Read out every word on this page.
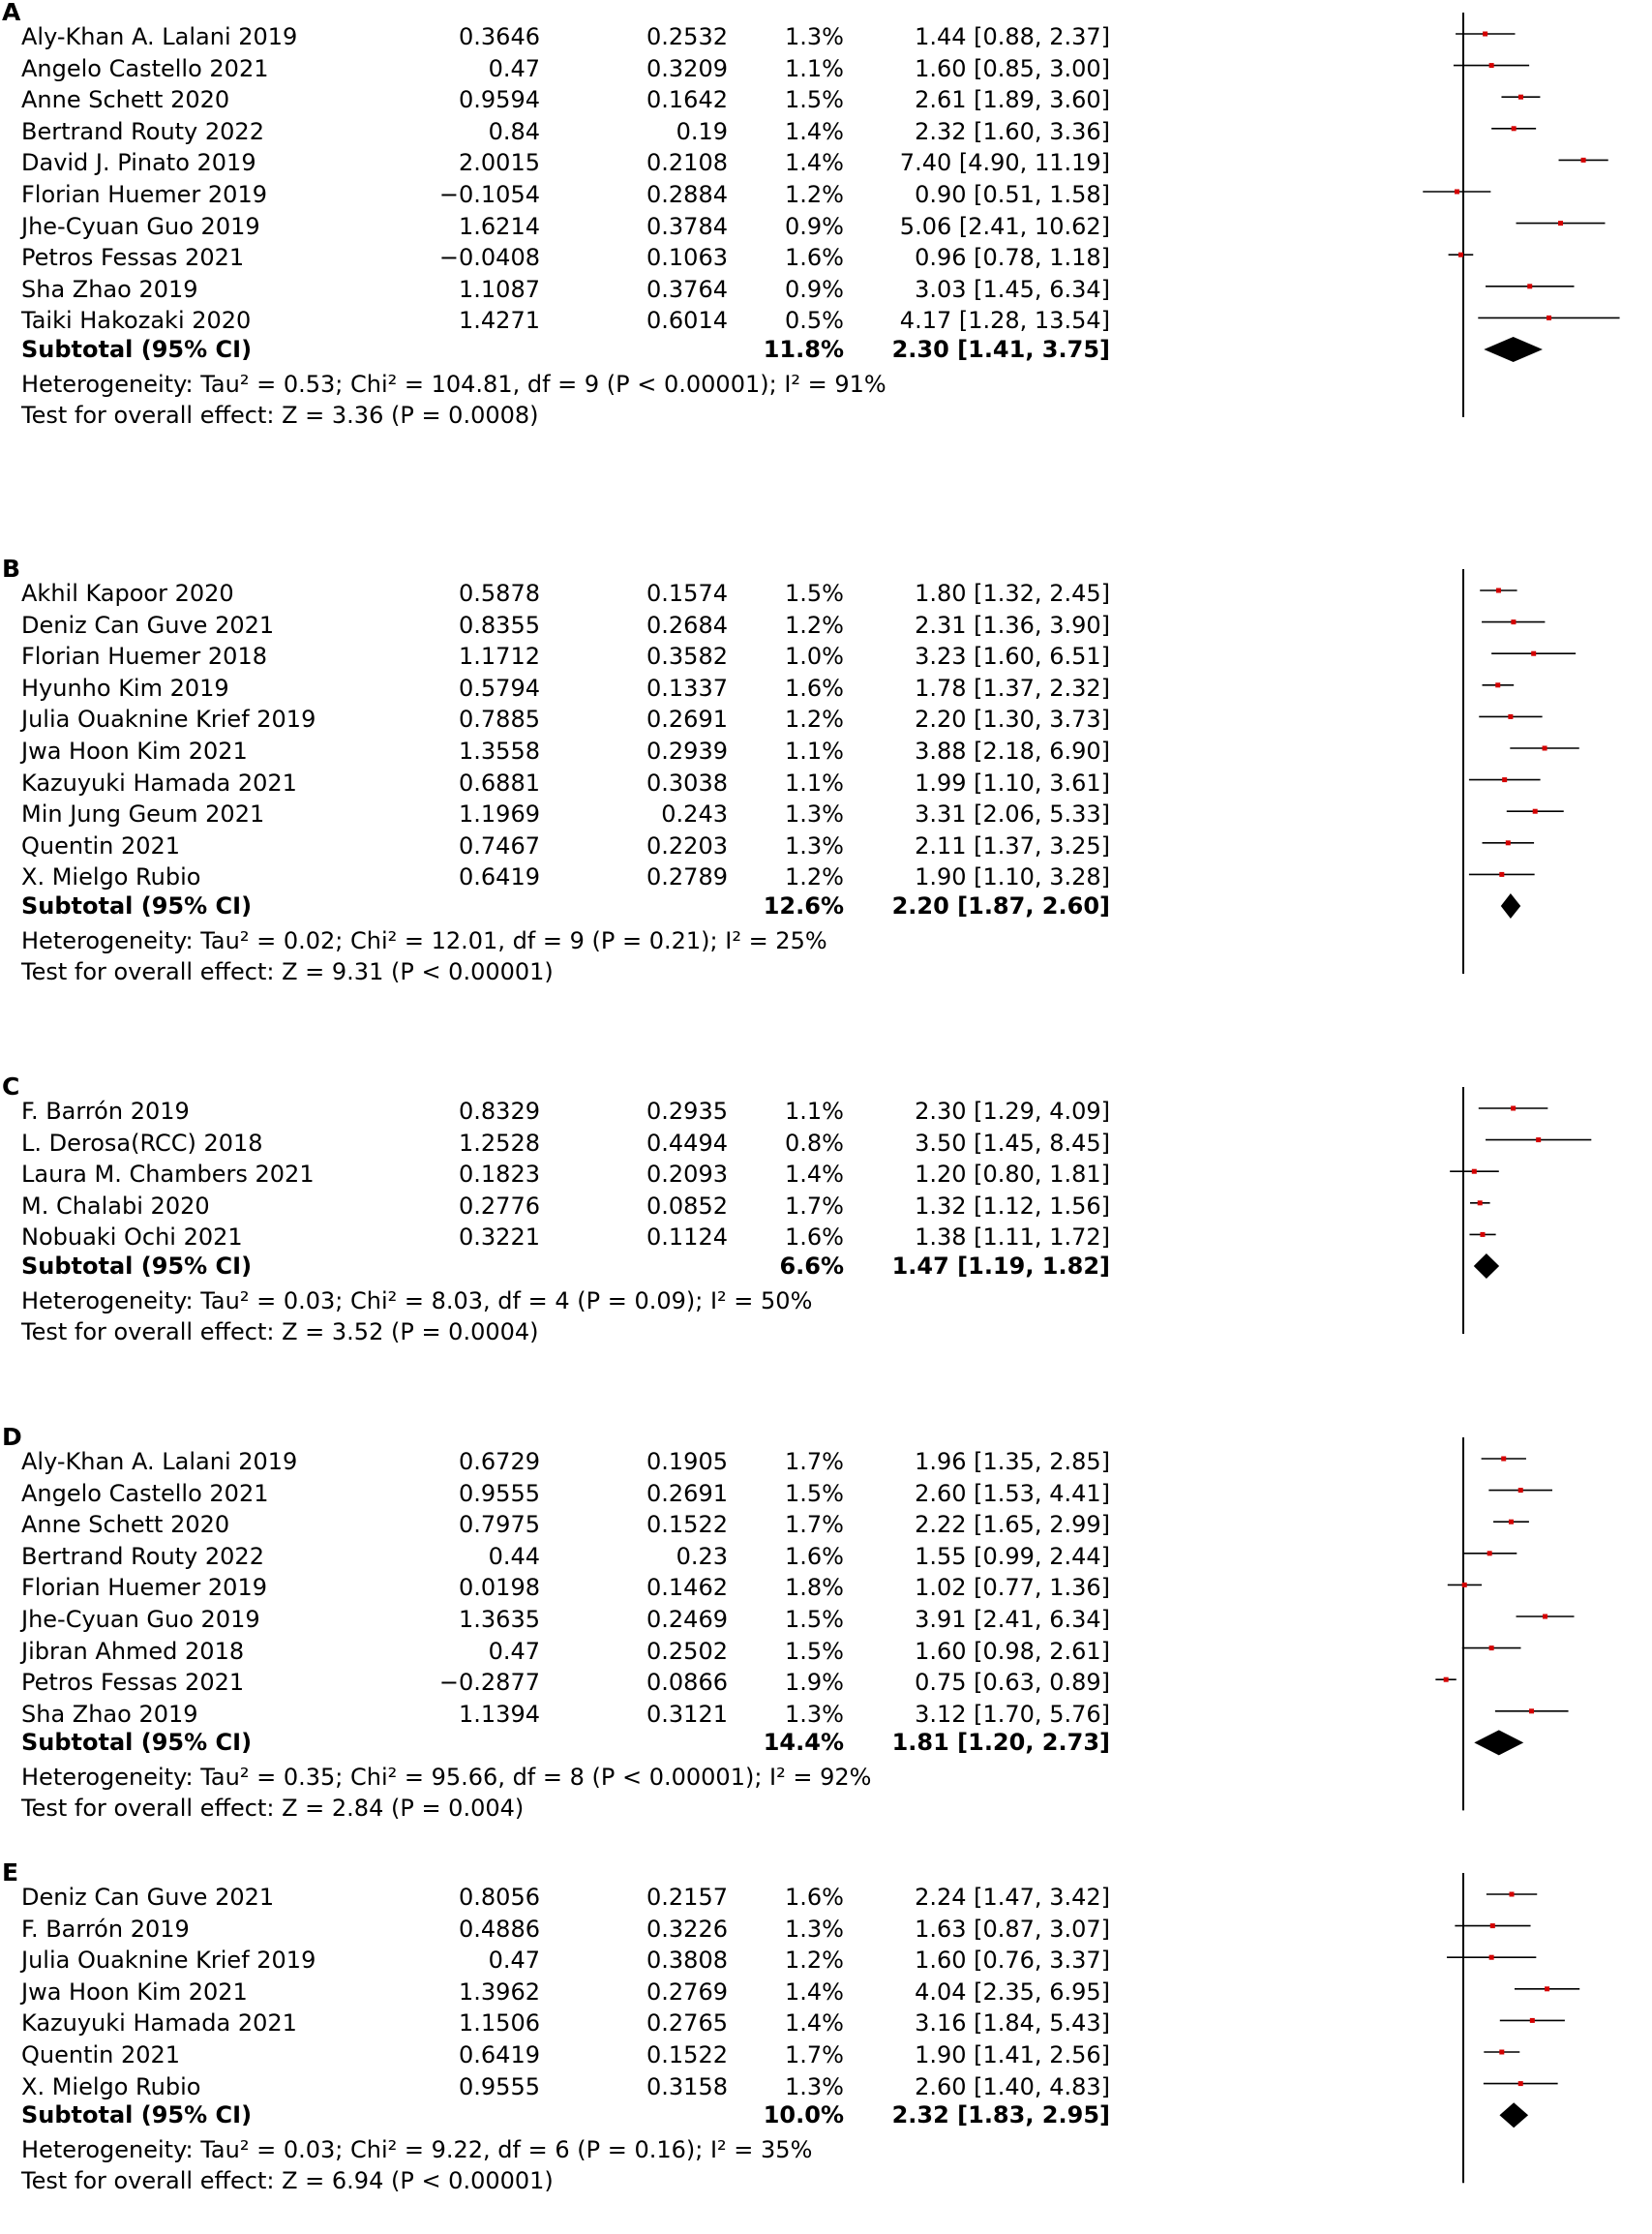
A
Aly-Khan A. Lalani 2019	0.3646	0.2532 1.3%	1.44 [0.88, 2.37]
Angelo Castello 2021	0.47	0.3209 1.1%	1.60 [0.85, 3.00]
Anne Schett 2020	0.9594	0.1642 1.5%	2.61 [1.89, 3.60]
Bertrand Routy 2022	0.84	0.19 1.4%	2.32 [1.60, 3.36]
David J. Pinato 2019	2.0015	0.2108 1.4% 7.40 [4.90, 11.19]
Florian Huemer 2019	−0.1054	0.2884 1.2%	0.90 [0.51, 1.58]
Jhe-Cyuan Guo 2019	1.6214	0.3784 0.9% 5.06 [2.41, 10.62]
Petros Fessas 2021	−0.0408	0.1063 1.6%	0.96 [0.78, 1.18]
Sha Zhao 2019	1.1087	0.3764 0.9%	3.03 [1.45, 6.34]
Taiki Hakozaki 2020	1.4271	0.6014 0.5% 4.17 [1.28, 13.54]
Subtotal (95% CI)	11.8% 2.30 [1.41, 3.75]
Heterogeneity: Tau² = 0.53; Chi² = 104.81, df = 9 (P < 0.00001); I² = 91%
Test for overall effect: Z = 3.36 (P = 0.0008)
B
Akhil Kapoor 2020	0.5878	0.1574 1.5%	1.80 [1.32, 2.45]
Deniz Can Guve 2021	0.8355	0.2684 1.2%	2.31 [1.36, 3.90]
Florian Huemer 2018	1.1712	0.3582 1.0%	3.23 [1.60, 6.51]
Hyunho Kim 2019	0.5794	0.1337 1.6%	1.78 [1.37, 2.32]
Julia Ouaknine Krief 2019	0.7885	0.2691 1.2%	2.20 [1.30, 3.73]
Jwa Hoon Kim 2021	1.3558	0.2939 1.1%	3.88 [2.18, 6.90]
Kazuyuki Hamada 2021	0.6881	0.3038 1.1%	1.99 [1.10, 3.61]
Min Jung Geum 2021	1.1969	0.243 1.3%	3.31 [2.06, 5.33]
Quentin 2021	0.7467	0.2203 1.3%	2.11 [1.37, 3.25]
X. Mielgo Rubio	0.6419	0.2789 1.2%	1.90 [1.10, 3.28]
Subtotal (95% CI)	12.6% 2.20 [1.87, 2.60]
Heterogeneity: Tau² = 0.02; Chi² = 12.01, df = 9 (P = 0.21); I² = 25%
Test for overall effect: Z = 9.31 (P < 0.00001)
C
F. Barrón 2019	0.8329	0.2935 1.1%	2.30 [1.29, 4.09]
L. Derosa(RCC) 2018	1.2528	0.4494 0.8%	3.50 [1.45, 8.45]
Laura M. Chambers 2021	0.1823	0.2093 1.4%	1.20 [0.80, 1.81]
M. Chalabi 2020	0.2776	0.0852 1.7%	1.32 [1.12, 1.56]
Nobuaki Ochi 2021	0.3221	0.1124 1.6%	1.38 [1.11, 1.72]
Subtotal (95% CI)	6.6% 1.47 [1.19, 1.82]
Heterogeneity: Tau² = 0.03; Chi² = 8.03, df = 4 (P = 0.09); I² = 50%
Test for overall effect: Z = 3.52 (P = 0.0004)
D
Aly-Khan A. Lalani 2019	0.6729	0.1905 1.7%	1.96 [1.35, 2.85]
Angelo Castello 2021	0.9555	0.2691 1.5%	2.60 [1.53, 4.41]
Anne Schett 2020	0.7975	0.1522 1.7%	2.22 [1.65, 2.99]
Bertrand Routy 2022	0.44	0.23 1.6%	1.55 [0.99, 2.44]
Florian Huemer 2019	0.0198	0.1462 1.8%	1.02 [0.77, 1.36]
Jhe-Cyuan Guo 2019	1.3635	0.2469 1.5%	3.91 [2.41, 6.34]
Jibran Ahmed 2018	0.47	0.2502 1.5%	1.60 [0.98, 2.61]
Petros Fessas 2021	−0.2877	0.0866 1.9%	0.75 [0.63, 0.89]
Sha Zhao 2019	1.1394	0.3121 1.3%	3.12 [1.70, 5.76]
Subtotal (95% CI)	14.4% 1.81 [1.20, 2.73]
Heterogeneity: Tau² = 0.35; Chi² = 95.66, df = 8 (P < 0.00001); I² = 92%
Test for overall effect: Z = 2.84 (P = 0.004)
E
Deniz Can Guve 2021	0.8056	0.2157 1.6%	2.24 [1.47, 3.42]
F. Barrón 2019	0.4886	0.3226 1.3%	1.63 [0.87, 3.07]
Julia Ouaknine Krief 2019	0.47	0.3808 1.2%	1.60 [0.76, 3.37]
Jwa Hoon Kim 2021	1.3962	0.2769 1.4%	4.04 [2.35, 6.95]
Kazuyuki Hamada 2021	1.1506	0.2765 1.4%	3.16 [1.84, 5.43]
Quentin 2021	0.6419	0.1522 1.7%	1.90 [1.41, 2.56]
X. Mielgo Rubio	0.9555	0.3158 1.3%	2.60 [1.40, 4.83]
Subtotal (95% CI)	10.0% 2.32 [1.83, 2.95]
Heterogeneity: Tau² = 0.03; Chi² = 9.22, df = 6 (P = 0.16); I² = 35%
Test for overall effect: Z = 6.94 (P < 0.00001)
